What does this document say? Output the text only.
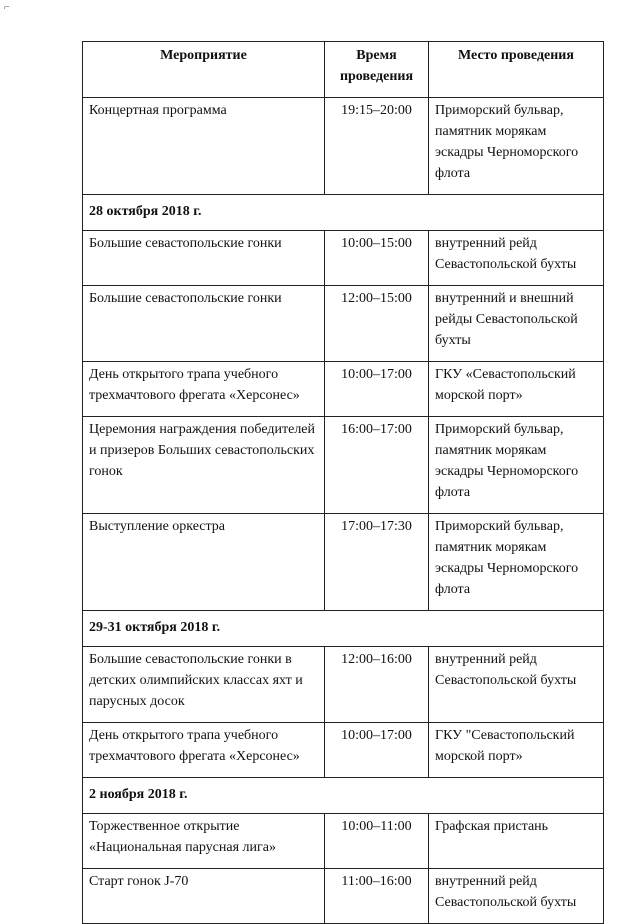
⌐
Мероприятие	Время проведения	Место проведения
Концертная программа	19:15–20:00	Приморский бульвар, памятник морякам эскадры Черноморского флота
28 октября 2018 г.		
Большие севастопольские гонки	10:00–15:00	внутренний рейд Севастопольской бухты
Большие севастопольские гонки	12:00–15:00	внутренний и внешний рейды Севастопольской бухты
День открытого трапа учебного трехмачтового фрегата «Херсонес»	10:00–17:00	ГКУ «Севастопольский морской порт»
Церемония награждения победителей и призеров Больших севастопольских гонок	16:00–17:00	Приморский бульвар, памятник морякам эскадры Черноморского флота
Выступление оркестра	17:00–17:30	Приморский бульвар, памятник морякам эскадры Черноморского флота
29-31 октября 2018 г.		
Большие севастопольские гонки в детских олимпийских классах яхт и парусных досок	12:00–16:00	внутренний рейд Севастопольской бухты
День открытого трапа учебного трехмачтового фрегата «Херсонес»	10:00–17:00	ГКУ "Севастопольский морской порт»
2 ноября 2018 г.		
Торжественное открытие «Национальная парусная лига»	10:00–11:00	Графская пристань
Старт гонок J-70	11:00–16:00	внутренний рейд Севастопольской бухты
